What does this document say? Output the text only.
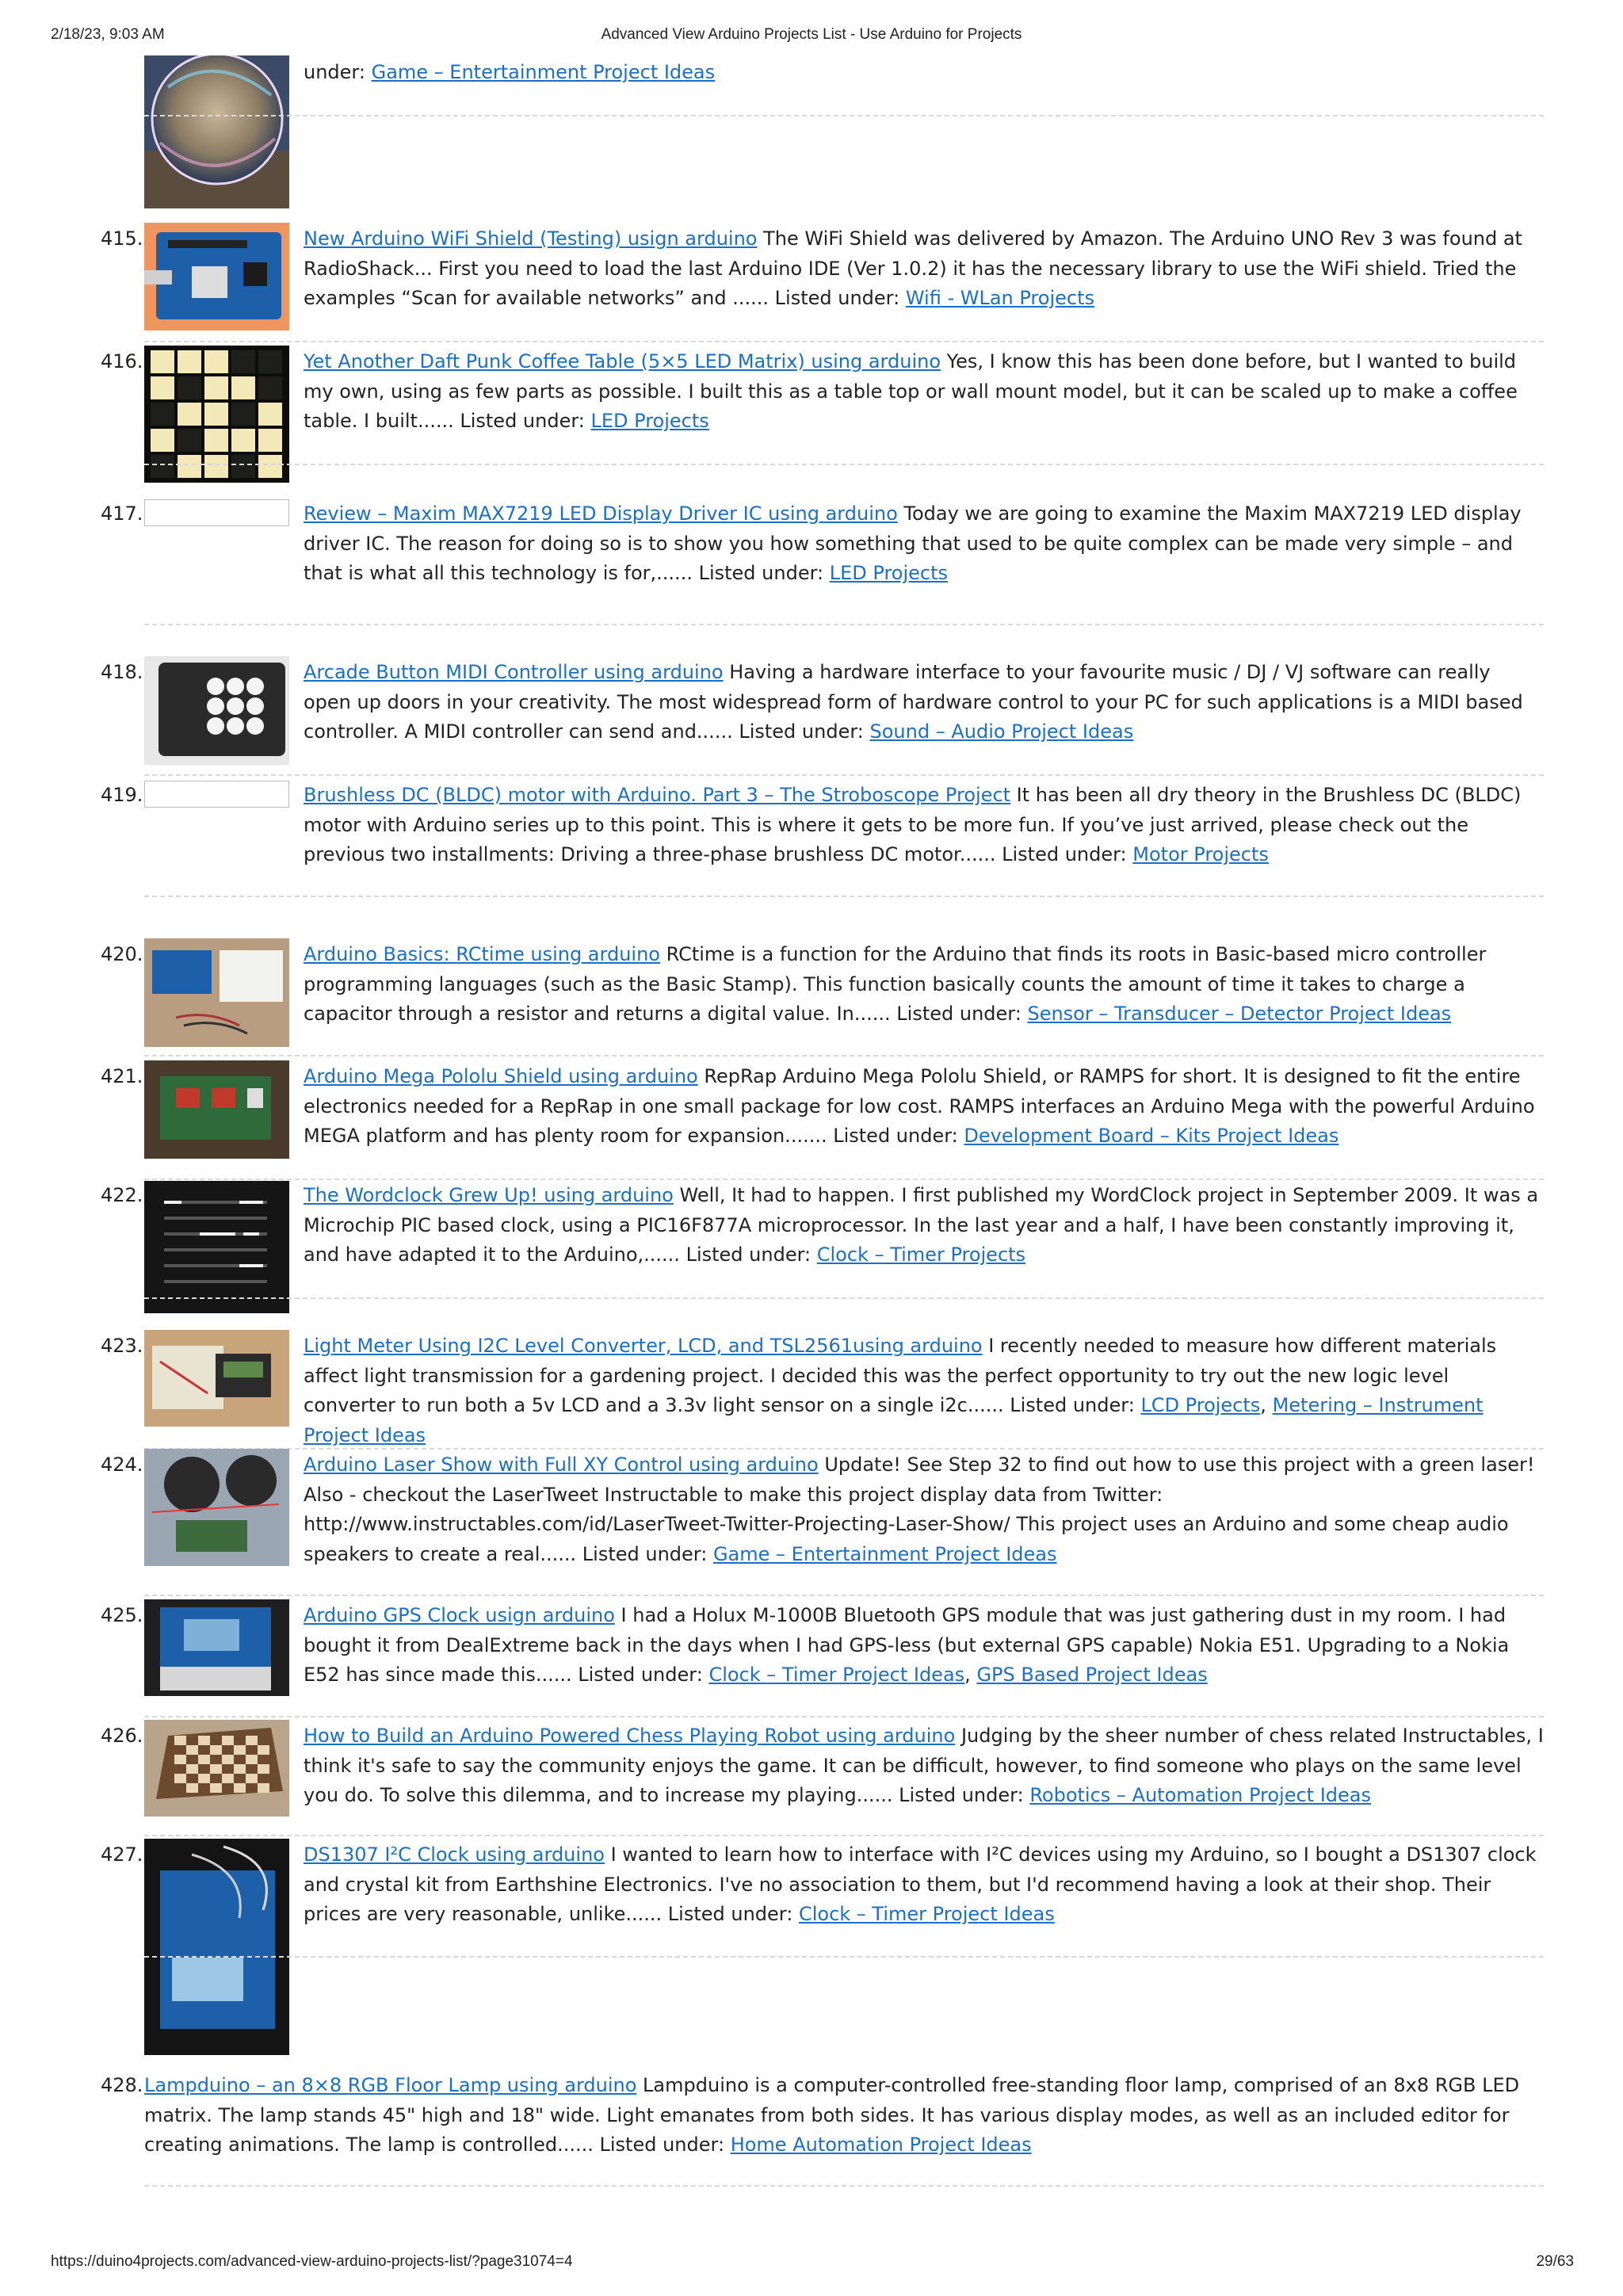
2/18/23, 9:03 AM	Advanced View Arduino Projects List - Use Arduino for Projects
under: Game – Entertainment Project Ideas
415.	New Arduino WiFi Shield (Testing) usign arduino The WiFi Shield was delivered by Amazon. The Arduino UNO Rev 3 was found at RadioShack... First you need to load the last Arduino IDE (Ver 1.0.2) it has the necessary library to use the WiFi shield. Tried the examples “Scan for available networks” and ...... Listed under: Wifi - WLan Projects
416.	Yet Another Daft Punk Coffee Table (5×5 LED Matrix) using arduino Yes, I know this has been done before, but I wanted to build my own, using as few parts as possible. I built this as a table top or wall mount model, but it can be scaled up to make a coffee table. I built...... Listed under: LED Projects
417.	Review – Maxim MAX7219 LED Display Driver IC using arduino Today we are going to examine the Maxim MAX7219 LED display driver IC. The reason for doing so is to show you how something that used to be quite complex can be made very simple – and that is what all this technology is for,...... Listed under: LED Projects
418.	Arcade Button MIDI Controller using arduino Having a hardware interface to your favourite music / DJ / VJ software can really open up doors in your creativity. The most widespread form of hardware control to your PC for such applications is a MIDI based controller. A MIDI controller can send and...... Listed under: Sound – Audio Project Ideas
419.	Brushless DC (BLDC) motor with Arduino. Part 3 – The Stroboscope Project It has been all dry theory in the Brushless DC (BLDC) motor with Arduino series up to this point. This is where it gets to be more fun. If you’ve just arrived, please check out the previous two installments: Driving a three-phase brushless DC motor...... Listed under: Motor Projects
420.	Arduino Basics: RCtime using arduino RCtime is a function for the Arduino that finds its roots in Basic-based micro controller programming languages (such as the Basic Stamp). This function basically counts the amount of time it takes to charge a capacitor through a resistor and returns a digital value. In...... Listed under: Sensor – Transducer – Detector Project Ideas
421.	Arduino Mega Pololu Shield using arduino RepRap Arduino Mega Pololu Shield, or RAMPS for short. It is designed to fit the entire electronics needed for a RepRap in one small package for low cost. RAMPS interfaces an Arduino Mega with the powerful Arduino MEGA platform and has plenty room for expansion....... Listed under: Development Board – Kits Project Ideas
422.	The Wordclock Grew Up! using arduino Well, It had to happen. I first published my WordClock project in September 2009. It was a Microchip PIC based clock, using a PIC16F877A microprocessor. In the last year and a half, I have been constantly improving it, and have adapted it to the Arduino,...... Listed under: Clock – Timer Projects
423.	Light Meter Using I2C Level Converter, LCD, and TSL2561using arduino I recently needed to measure how different materials affect light transmission for a gardening project. I decided this was the perfect opportunity to try out the new logic level converter to run both a 5v LCD and a 3.3v light sensor on a single i2c...... Listed under: LCD Projects, Metering – Instrument Project Ideas
424.	Arduino Laser Show with Full XY Control using arduino Update! See Step 32 to find out how to use this project with a green laser! Also - checkout the LaserTweet Instructable to make this project display data from Twitter: http://www.instructables.com/id/LaserTweet-Twitter-Projecting-Laser-Show/ This project uses an Arduino and some cheap audio speakers to create a real...... Listed under: Game – Entertainment Project Ideas
425.	Arduino GPS Clock usign arduino I had a Holux M-1000B Bluetooth GPS module that was just gathering dust in my room. I had bought it from DealExtreme back in the days when I had GPS-less (but external GPS capable) Nokia E51. Upgrading to a Nokia E52 has since made this...... Listed under: Clock – Timer Project Ideas, GPS Based Project Ideas
426.	How to Build an Arduino Powered Chess Playing Robot using arduino Judging by the sheer number of chess related Instructables, I think it's safe to say the community enjoys the game. It can be difficult, however, to find someone who plays on the same level you do. To solve this dilemma, and to increase my playing...... Listed under: Robotics – Automation Project Ideas
427.	DS1307 I²C Clock using arduino I wanted to learn how to interface with I²C devices using my Arduino, so I bought a DS1307 clock and crystal kit from Earthshine Electronics. I've no association to them, but I'd recommend having a look at their shop. Their prices are very reasonable, unlike...... Listed under: Clock – Timer Project Ideas
428. Lampduino – an 8×8 RGB Floor Lamp using arduino Lampduino is a computer-controlled free-standing floor lamp, comprised of an 8x8 RGB LED matrix. The lamp stands 45" high and 18" wide. Light emanates from both sides. It has various display modes, as well as an included editor for creating animations. The lamp is controlled...... Listed under: Home Automation Project Ideas
https://duino4projects.com/advanced-view-arduino-projects-list/?page31074=4	29/63
